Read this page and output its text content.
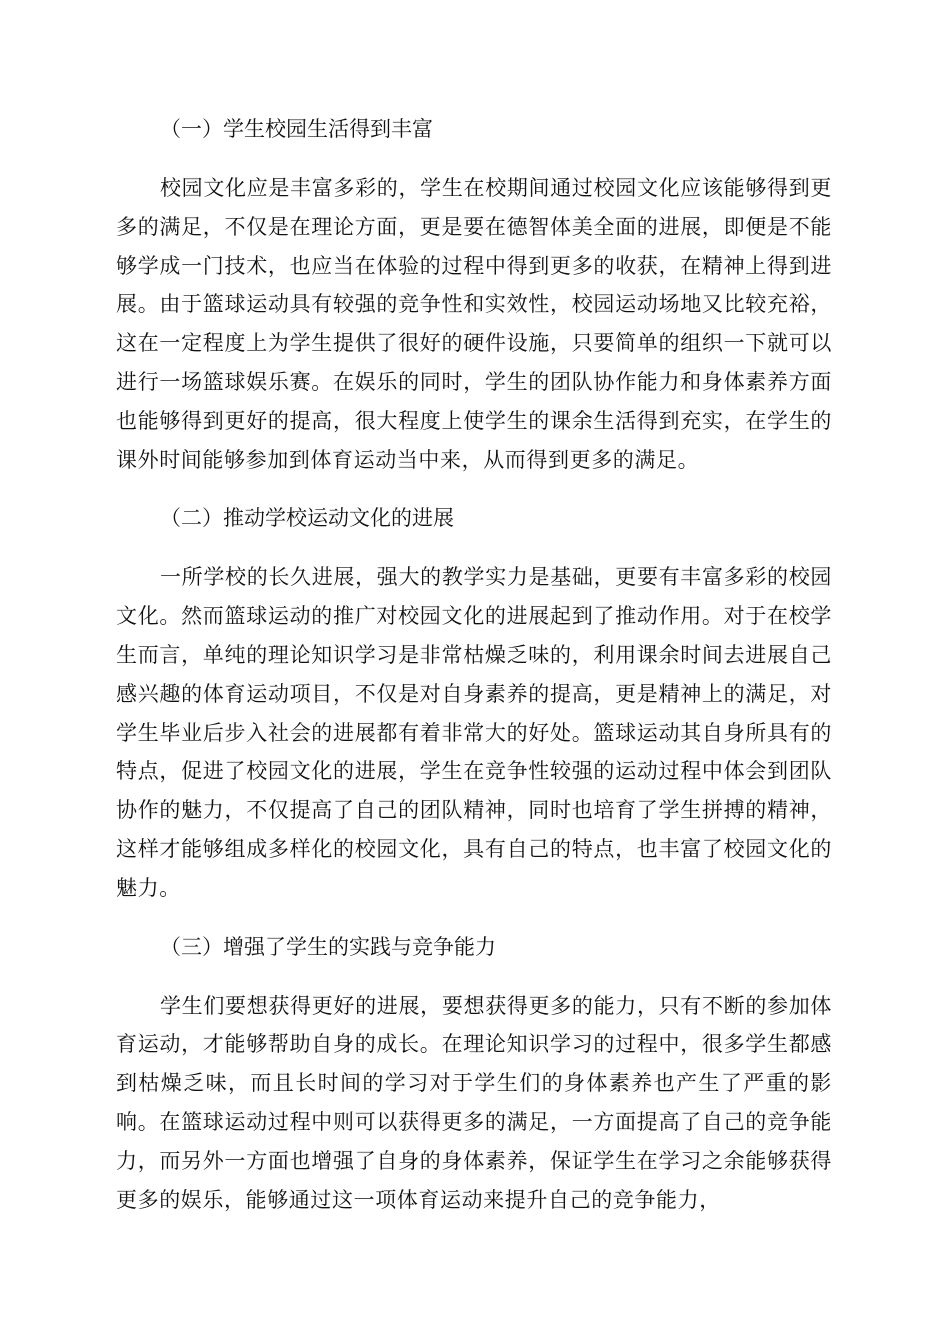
（一）学生校园生活得到丰富
校园文化应是丰富多彩的，学生在校期间通过校园文化应该能够得到更多的满足，不仅是在理论方面，更是要在德智体美全面的进展，即便是不能够学成一门技术，也应当在体验的过程中得到更多的收获，在精神上得到进展。由于篮球运动具有较强的竞争性和实效性，校园运动场地又比较充裕，这在一定程度上为学生提供了很好的硬件设施，只要简单的组织一下就可以进行一场篮球娱乐赛。在娱乐的同时，学生的团队协作能力和身体素养方面也能够得到更好的提高，很大程度上使学生的课余生活得到充实，在学生的课外时间能够参加到体育运动当中来，从而得到更多的满足。
（二）推动学校运动文化的进展
一所学校的长久进展，强大的教学实力是基础，更要有丰富多彩的校园文化。然而篮球运动的推广对校园文化的进展起到了推动作用。对于在校学生而言，单纯的理论知识学习是非常枯燥乏味的，利用课余时间去进展自己感兴趣的体育运动项目，不仅是对自身素养的提高，更是精神上的满足，对学生毕业后步入社会的进展都有着非常大的好处。篮球运动其自身所具有的特点，促进了校园文化的进展，学生在竞争性较强的运动过程中体会到团队协作的魅力，不仅提高了自己的团队精神，同时也培育了学生拼搏的精神，这样才能够组成多样化的校园文化，具有自己的特点，也丰富了校园文化的魅力。
（三）增强了学生的实践与竞争能力
学生们要想获得更好的进展，要想获得更多的能力，只有不断的参加体育运动，才能够帮助自身的成长。在理论知识学习的过程中，很多学生都感到枯燥乏味，而且长时间的学习对于学生们的身体素养也产生了严重的影响。在篮球运动过程中则可以获得更多的满足，一方面提高了自己的竞争能力，而另外一方面也增强了自身的身体素养，保证学生在学习之余能够获得更多的娱乐，能够通过这一项体育运动来提升自己的竞争能力，
